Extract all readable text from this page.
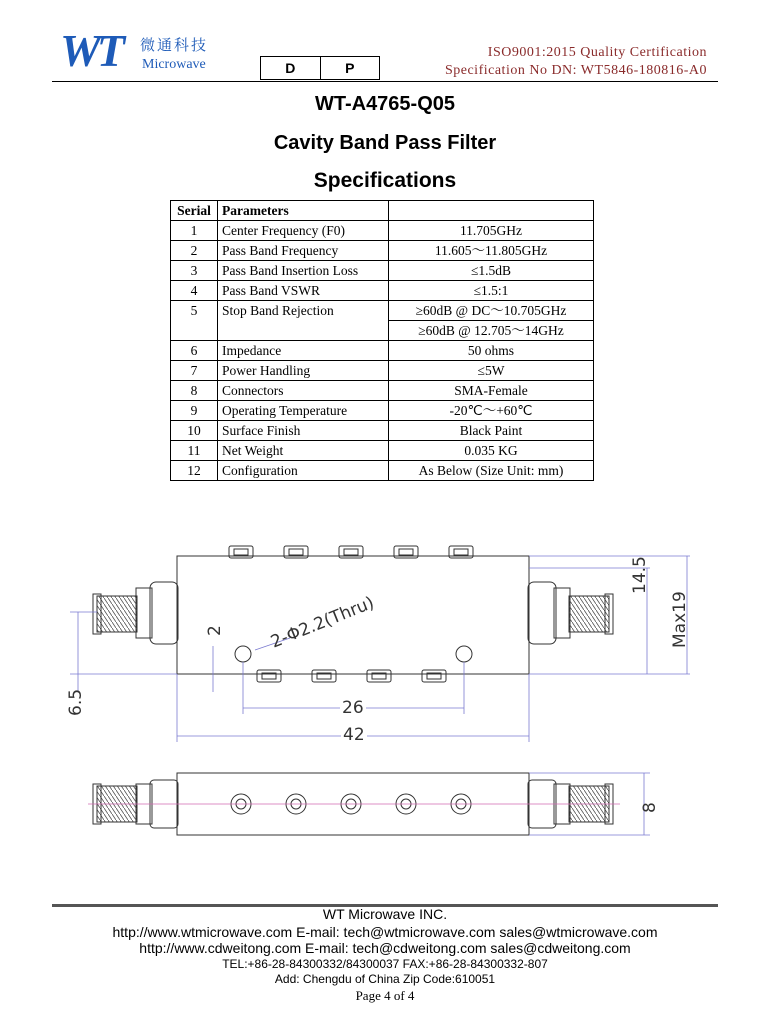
WT 微通科技
Microwave	D	P
ISO9001:2015 Quality Certification
Specification No DN: WT5846-180816-A0
WT-A4765-Q05
Cavity Band Pass Filter
Specifications
Serial	Parameters	
1	Center Frequency (F0)	11.705GHz
2	Pass Band Frequency	11.605～11.805GHz
3	Pass Band Insertion Loss	≤1.5dB
4	Pass Band VSWR	≤1.5:1
5	Stop Band Rejection	≥60dB @ DC～10.705GHz
		≥60dB @ 12.705～14GHz
6	Impedance	50 ohms
7	Power Handling	≤5W
8	Connectors	SMA-Female
9	Operating Temperature	-20℃～+60℃
10	Surface Finish	Black Paint
11	Net Weight	0.035 KG
12	Configuration	As Below (Size Unit: mm)
14.5
Max19
2	2-Φ2.2(Thru)
6.5	26
42
8
WT Microwave INC.
http://www.wtmicrowave.com E-mail: tech@wtmicrowave.com sales@wtmicrowave.com
http://www.cdweitong.com E-mail: tech@cdweitong.com sales@cdweitong.com
TEL:+86-28-84300332/84300037 FAX:+86-28-84300332-807
Add: Chengdu of China Zip Code:610051
Page 4 of 4
